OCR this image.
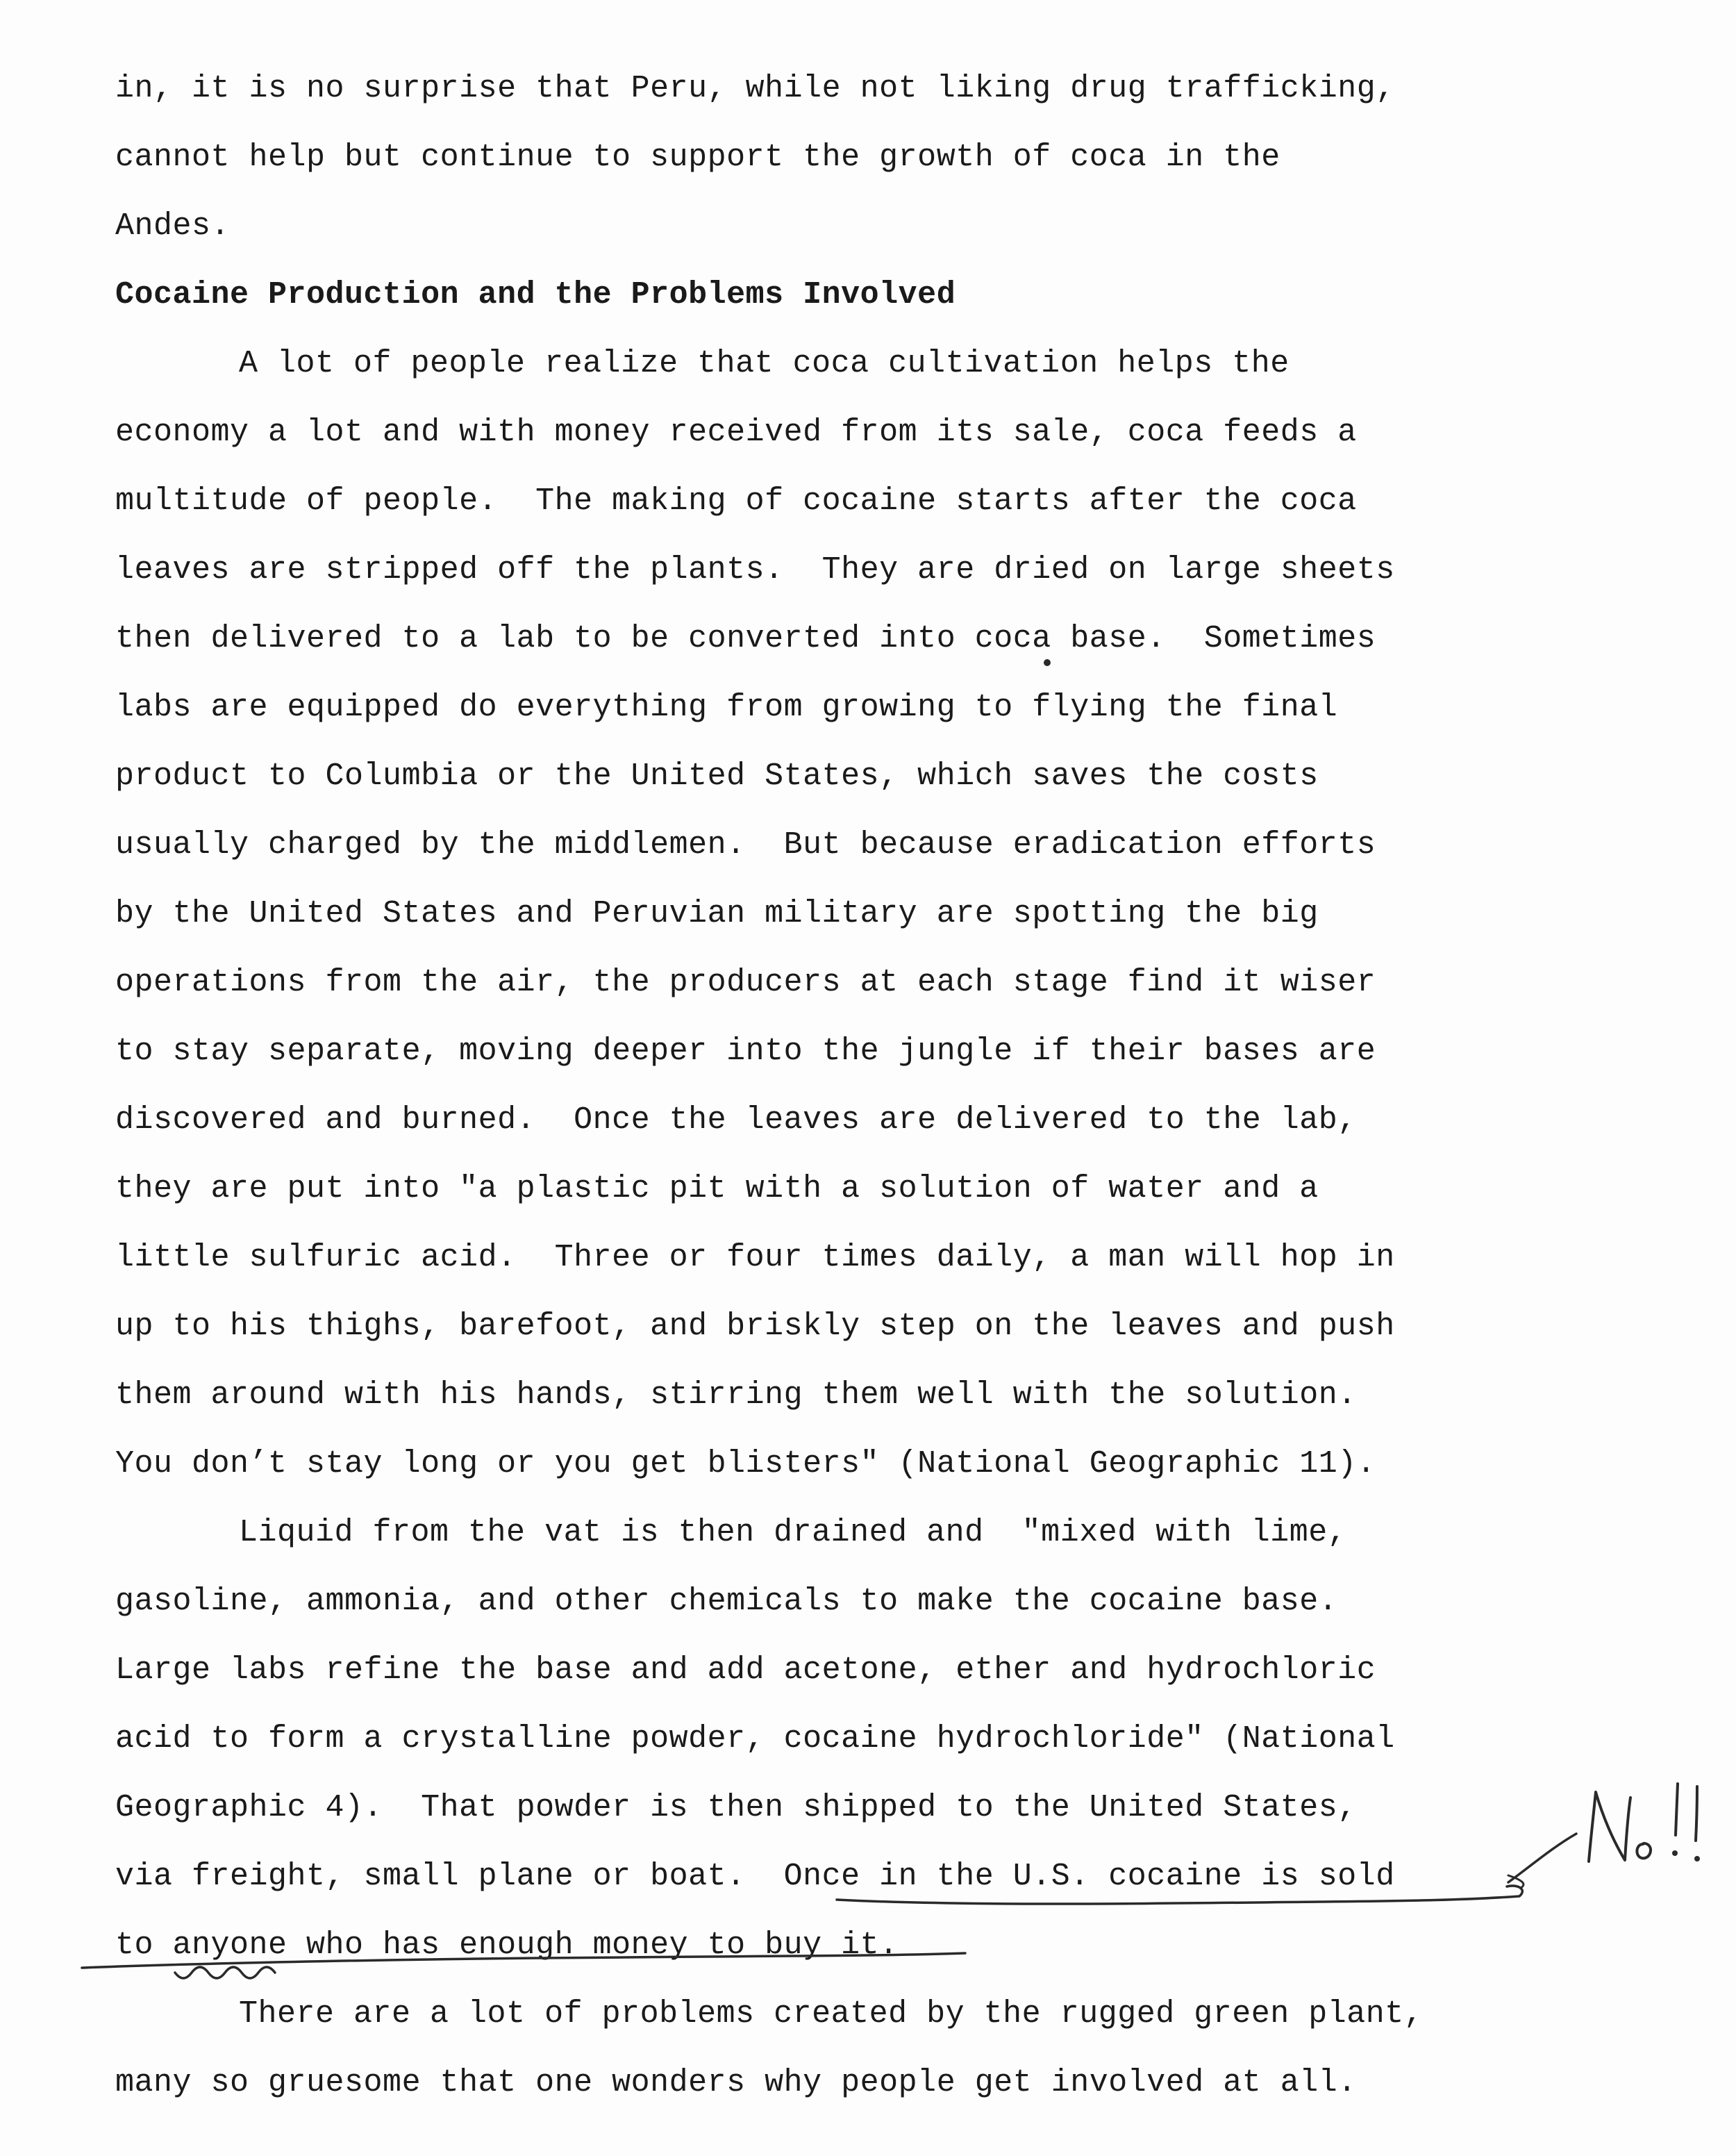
in, it is no surprise that Peru, while not liking drug trafficking,
cannot help but continue to support the growth of coca in the
Andes.
Cocaine Production and the Problems Involved
A lot of people realize that coca cultivation helps the
economy a lot and with money received from its sale, coca feeds a
multitude of people.  The making of cocaine starts after the coca
leaves are stripped off the plants.  They are dried on large sheets
then delivered to a lab to be converted into coca base.  Sometimes
labs are equipped do everything from growing to flying the final
product to Columbia or the United States, which saves the costs
usually charged by the middlemen.  But because eradication efforts
by the United States and Peruvian military are spotting the big
operations from the air, the producers at each stage find it wiser
to stay separate, moving deeper into the jungle if their bases are
discovered and burned.  Once the leaves are delivered to the lab,
they are put into "a plastic pit with a solution of water and a
little sulfuric acid.  Three or four times daily, a man will hop in
up to his thighs, barefoot, and briskly step on the leaves and push
them around with his hands, stirring them well with the solution.
You don’t stay long or you get blisters" (National Geographic 11).
Liquid from the vat is then drained and  "mixed with lime,
gasoline, ammonia, and other chemicals to make the cocaine base.
Large labs refine the base and add acetone, ether and hydrochloric
acid to form a crystalline powder, cocaine hydrochloride" (National
Geographic 4).  That powder is then shipped to the United States,
via freight, small plane or boat.  Once in the U.S. cocaine is sold
to anyone who has enough money to buy it.
There are a lot of problems created by the rugged green plant,
many so gruesome that one wonders why people get involved at all.
